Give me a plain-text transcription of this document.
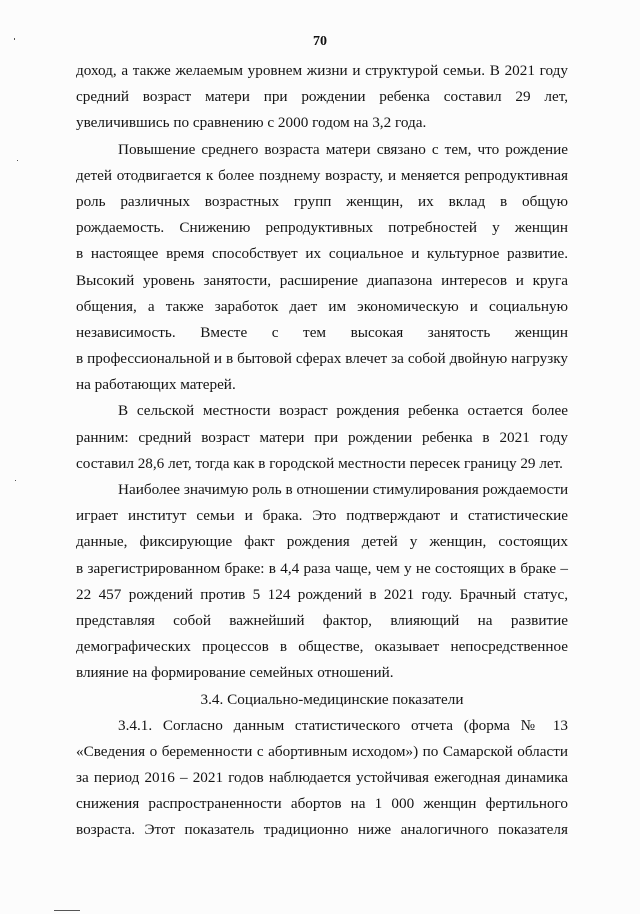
70
доход, а также желаемым уровнем жизни и структурой семьи. В 2021 году
средний возраст матери при рождении ребенка составил 29 лет,
увеличившись по сравнению с 2000 годом на 3,2 года.
Повышение среднего возраста матери связано с тем, что рождение
детей отодвигается к более позднему возрасту, и меняется репродуктивная
роль различных возрастных групп женщин, их вклад в общую
рождаемость. Снижению репродуктивных потребностей у женщин
в настоящее время способствует их социальное и культурное развитие.
Высокий уровень занятости, расширение диапазона интересов и круга
общения, а также заработок дает им экономическую и социальную
независимость. Вместе с тем высокая занятость женщин
в профессиональной и в бытовой сферах влечет за собой двойную нагрузку
на работающих матерей.
В сельской местности возраст рождения ребенка остается более
ранним: средний возраст матери при рождении ребенка в 2021 году
составил 28,6 лет, тогда как в городской местности пересек границу 29 лет.
Наиболее значимую роль в отношении стимулирования рождаемости
играет институт семьи и брака. Это подтверждают и статистические
данные, фиксирующие факт рождения детей у женщин, состоящих
в зарегистрированном браке: в 4,4 раза чаще, чем у не состоящих в браке –
22 457 рождений против 5 124 рождений в 2021 году. Брачный статус,
представляя собой важнейший фактор, влияющий на развитие
демографических процессов в обществе, оказывает непосредственное
влияние на формирование семейных отношений.
3.4. Социально-медицинские показатели
3.4.1. Согласно данным статистического отчета (форма № 13
«Сведения о беременности с абортивным исходом») по Самарской области
за период 2016 – 2021 годов наблюдается устойчивая ежегодная динамика
снижения распространенности абортов на 1 000 женщин фертильного
возраста. Этот показатель традиционно ниже аналогичного показателя
